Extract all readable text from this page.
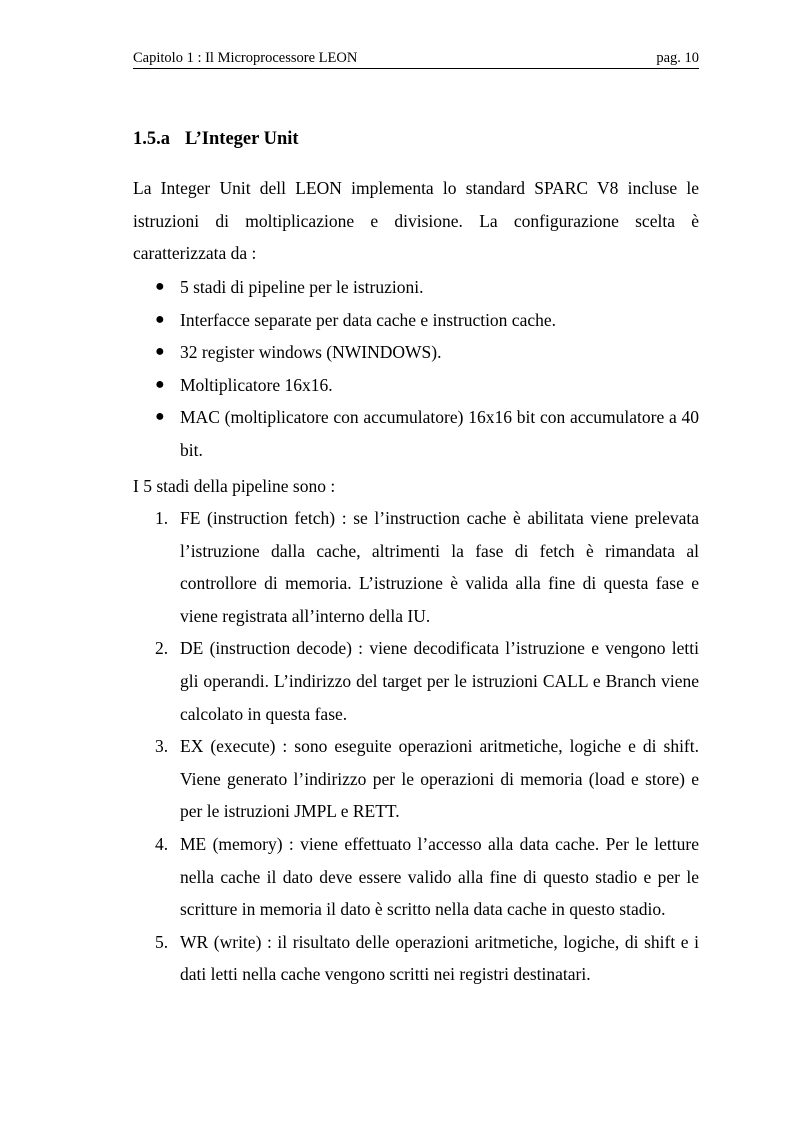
Capitolo 1 : Il Microprocessore LEON	pag. 10
1.5.a L’Integer Unit

La Integer Unit dell LEON implementa lo standard SPARC V8 incluse le istruzioni di moltiplicazione e divisione. La configurazione scelta è caratterizzata da :

● 5 stadi di pipeline per le istruzioni.
● Interfacce separate per data cache e instruction cache.
● 32 register windows (NWINDOWS).
● Moltiplicatore 16x16.
● MAC (moltiplicatore con accumulatore) 16x16 bit con accumulatore a 40 bit.

I 5 stadi della pipeline sono :

1. FE (instruction fetch) : se l’instruction cache è abilitata viene prelevata l’istruzione dalla cache, altrimenti la fase di fetch è rimandata al controllore di memoria. L’istruzione è valida alla fine di questa fase e viene registrata all’interno della IU.
2. DE (instruction decode) : viene decodificata l’istruzione e vengono letti gli operandi. L’indirizzo del target per le istruzioni CALL e Branch viene calcolato in questa fase.
3. EX (execute) : sono eseguite operazioni aritmetiche, logiche e di shift. Viene generato l’indirizzo per le operazioni di memoria (load e store) e per le istruzioni JMPL e RETT.
4. ME (memory) : viene effettuato l’accesso alla data cache. Per le letture nella cache il dato deve essere valido alla fine di questo stadio e per le scritture in memoria il dato è scritto nella data cache in questo stadio.
5. WR (write) : il risultato delle operazioni aritmetiche, logiche, di shift e i dati letti nella cache vengono scritti nei registri destinatari.
